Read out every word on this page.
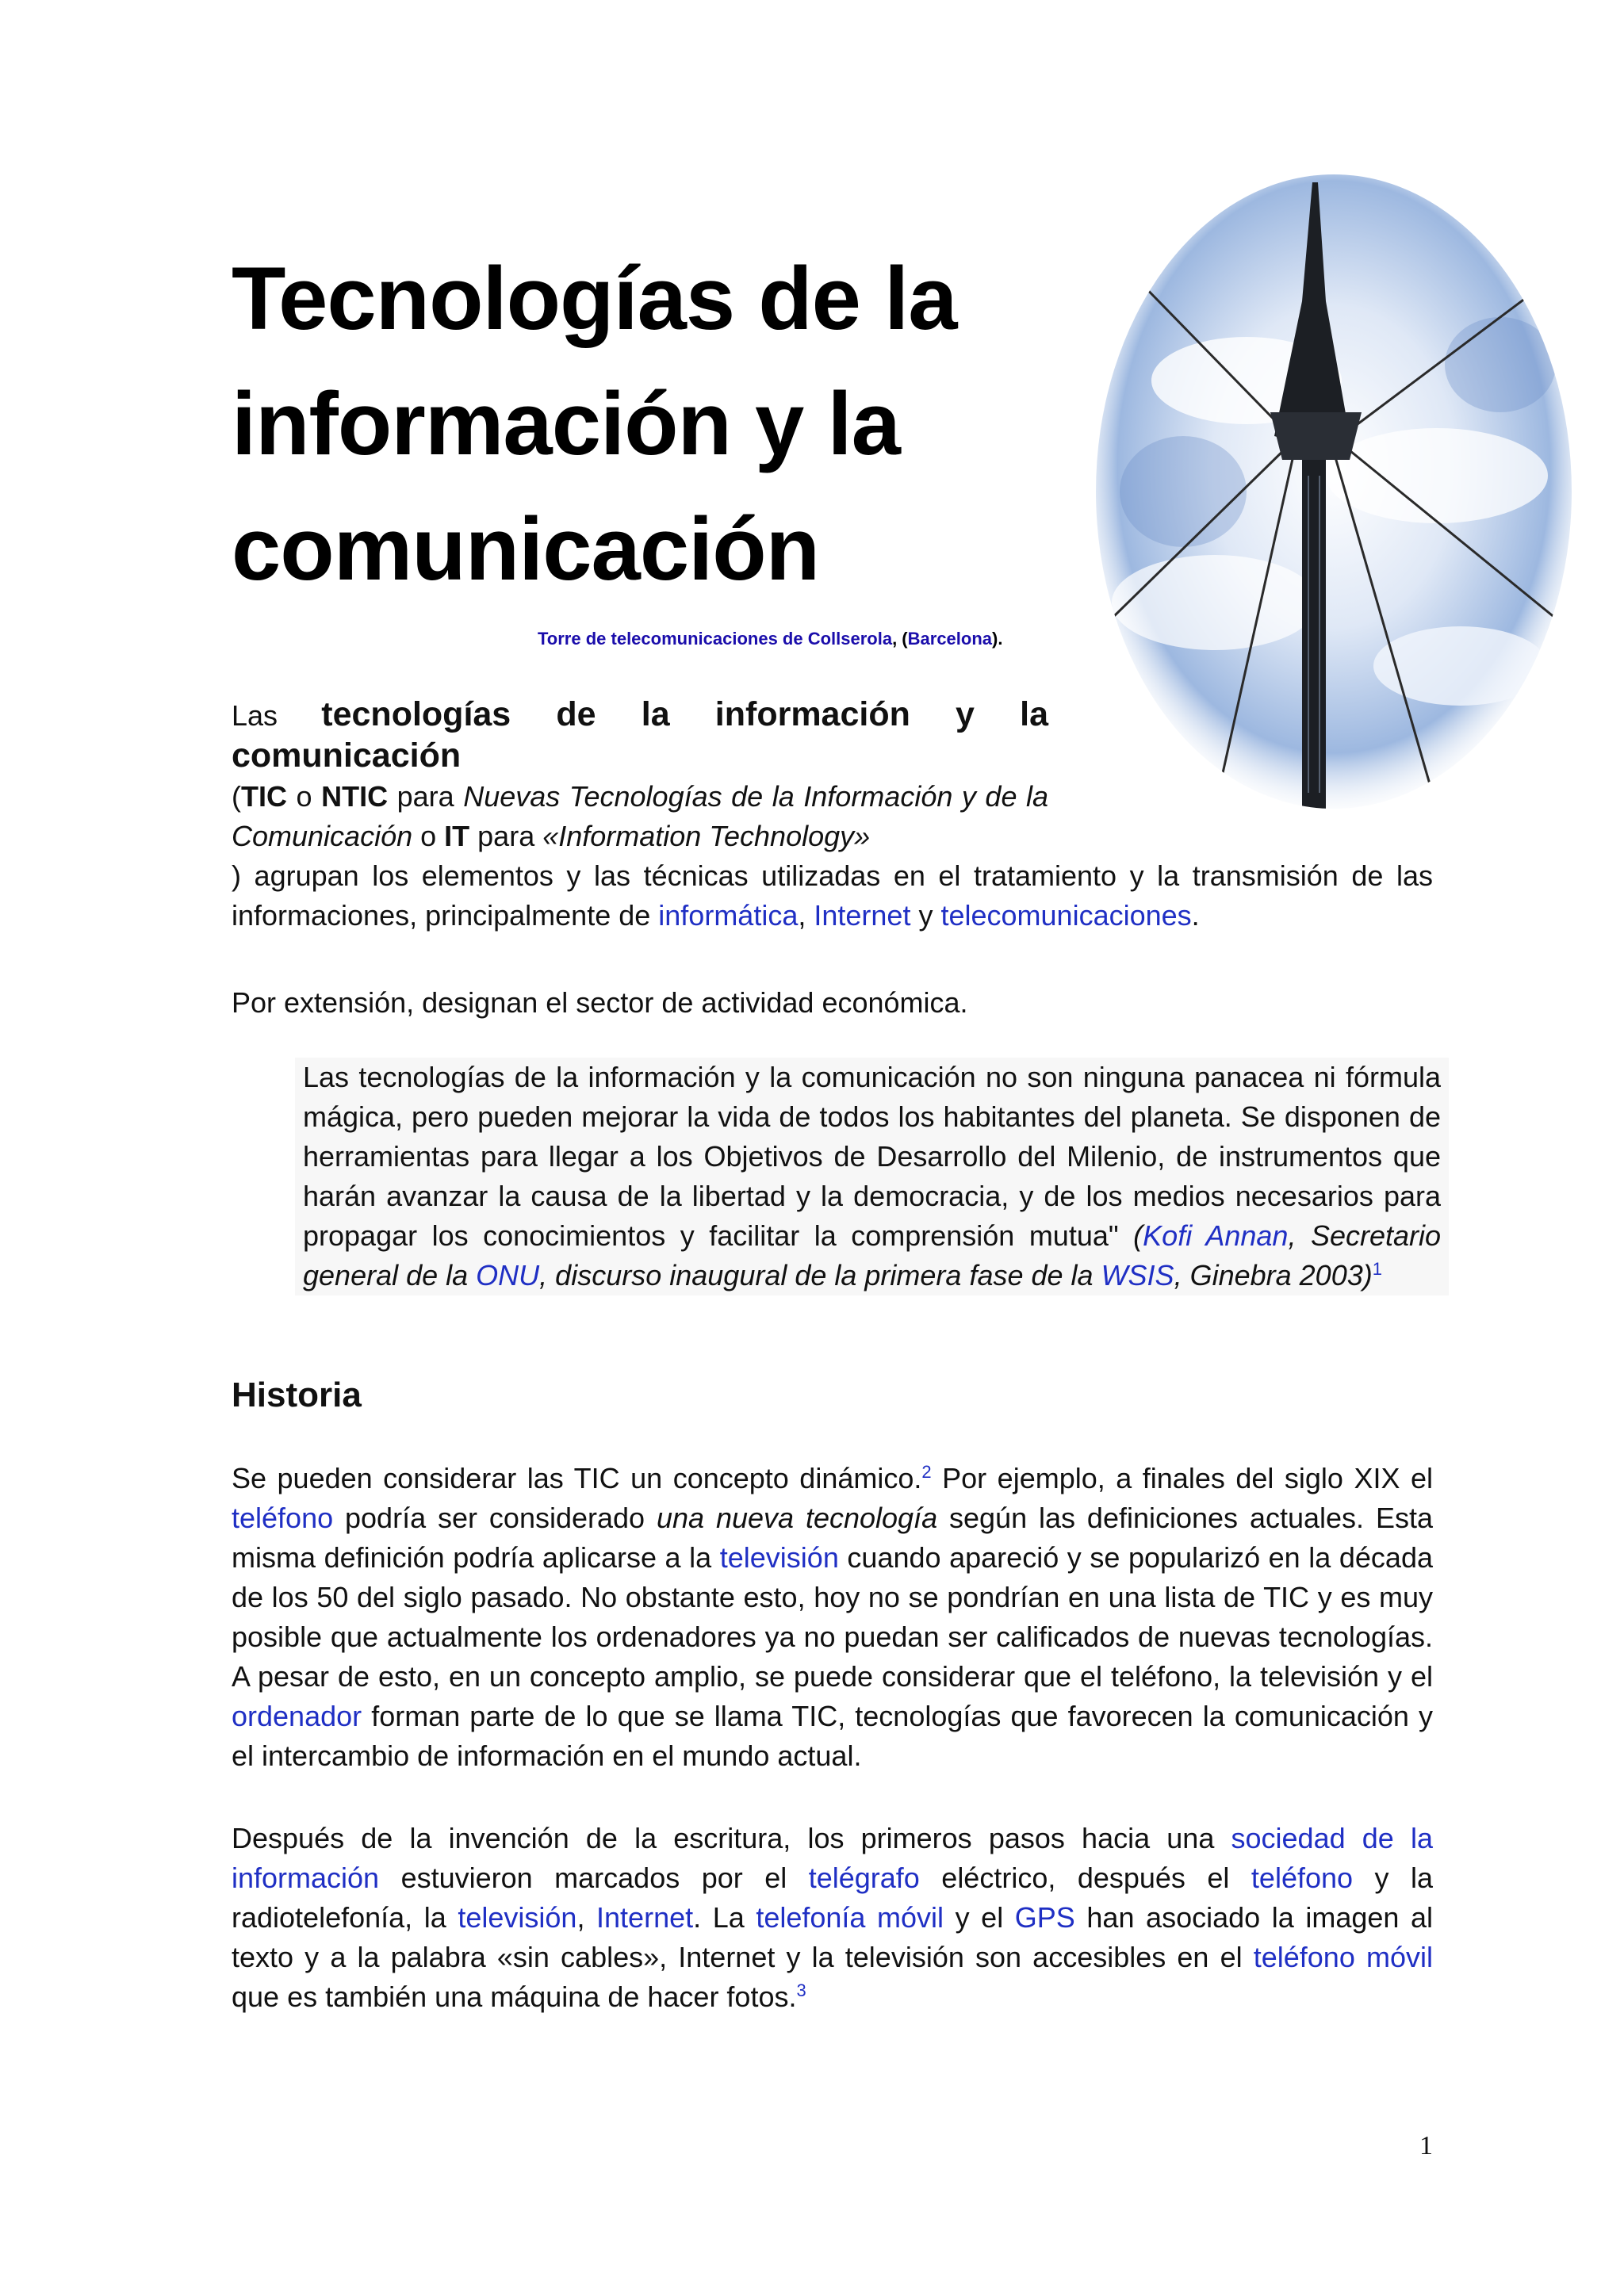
Tecnologías de la información y la comunicación
Torre de telecomunicaciones de Collserola, (Barcelona).
Las tecnologías de la información y la comunicación
(TIC o NTIC para Nuevas Tecnologías de la Información y de la Comunicación o IT para «Information Technology»
) agrupan los elementos y las técnicas utilizadas en el tratamiento y la transmisión de las informaciones, principalmente de informática, Internet y telecomunicaciones.
Por extensión, designan el sector de actividad económica.
Las tecnologías de la información y la comunicación no son ninguna panacea ni fórmula mágica, pero pueden mejorar la vida de todos los habitantes del planeta. Se disponen de herramientas para llegar a los Objetivos de Desarrollo del Milenio, de instrumentos que harán avanzar la causa de la libertad y la democracia, y de los medios necesarios para propagar los conocimientos y facilitar la comprensión mutua" (Kofi Annan, Secretario general de la ONU, discurso inaugural de la primera fase de la WSIS, Ginebra 2003)$^1$
Historia
Se pueden considerar las TIC un concepto dinámico.$^2$ Por ejemplo, a finales del siglo XIX el teléfono podría ser considerado una nueva tecnología según las definiciones actuales. Esta misma definición podría aplicarse a la televisión cuando apareció y se popularizó en la década de los 50 del siglo pasado. No obstante esto, hoy no se pondrían en una lista de TIC y es muy posible que actualmente los ordenadores ya no puedan ser calificados de nuevas tecnologías. A pesar de esto, en un concepto amplio, se puede considerar que el teléfono, la televisión y el ordenador forman parte de lo que se llama TIC, tecnologías que favorecen la comunicación y el intercambio de información en el mundo actual.
Después de la invención de la escritura, los primeros pasos hacia una sociedad de la información estuvieron marcados por el telégrafo eléctrico, después el teléfono y la radiotelefonía, la televisión, Internet. La telefonía móvil y el GPS han asociado la imagen al texto y a la palabra «sin cables», Internet y la televisión son accesibles en el teléfono móvil que es también una máquina de hacer fotos.$^3$
1
